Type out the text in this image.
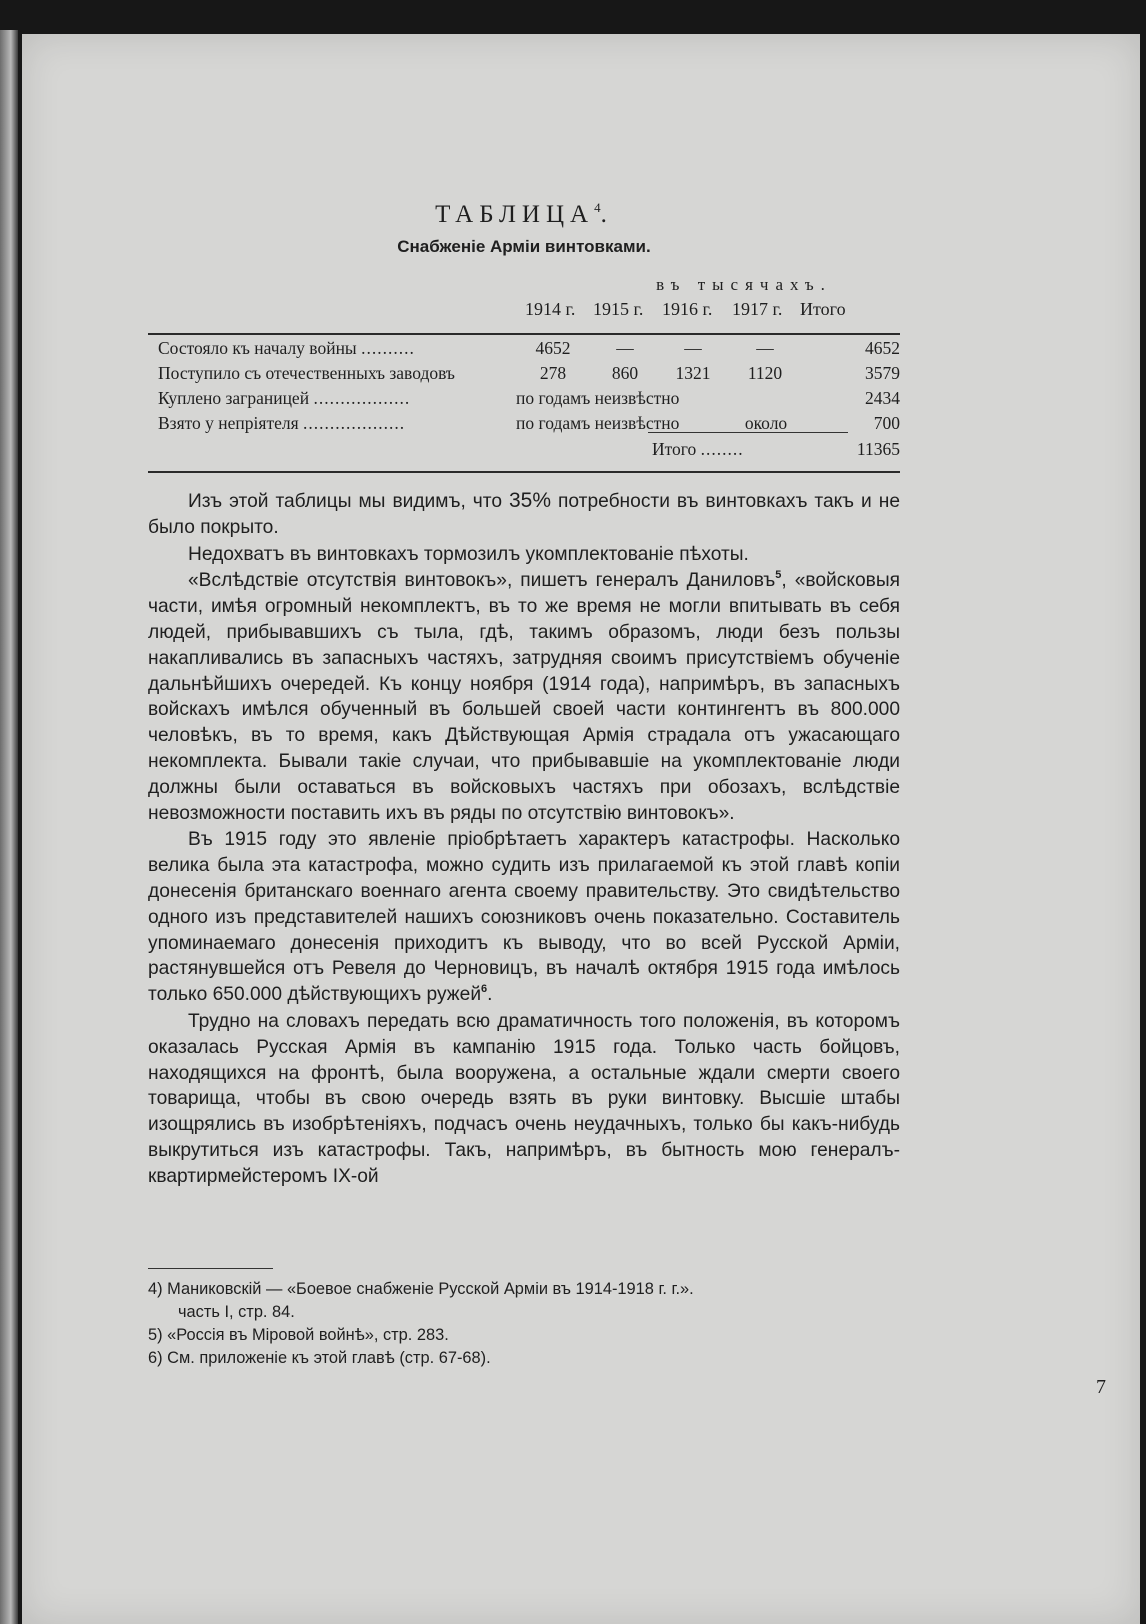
ТАБЛИЦА$^4$.
Снабженіе Арміи винтовками.
въ тысячахъ.
1914 г. 1915 г. 1916 г. 1917 г. Итого
Состояло къ началу войны ..........	4652	—	—	—	4652
Поступило съ отечественныхъ заводовъ	278	860	1321	1120	3579
Куплено заграницей ..................	по годамъ неизвѣстно	2434
Взято у непріятеля ...................	по годамъ неизвѣстно	около	700
Итого ........	11365

Изъ этой таблицы мы видимъ, что 35% потребности въ винтовкахъ такъ и не было покрыто.

Недохватъ въ винтовкахъ тормозилъ укомплектованіе пѣхоты.

«Вслѣдствіе отсутствія винтовокъ», пишетъ генералъ Даниловъ$^5$, «войсковыя части, имѣя огромный некомплектъ, въ то же время не могли впитывать въ себя людей, прибывавшихъ съ тыла, гдѣ, такимъ образомъ, люди безъ пользы накапливались въ запасныхъ частяхъ, затрудняя своимъ присутствіемъ обученіе дальнѣйшихъ очередей. Къ концу ноября (1914 года), напримѣръ, въ запасныхъ войскахъ имѣлся обученный въ большей своей части контингентъ въ 800.000 человѣкъ, въ то время, какъ Дѣйствующая Армія страдала отъ ужасающаго некомплекта. Бывали такіе случаи, что прибывавшіе на укомплектованіе люди должны были оставаться въ войсковыхъ частяхъ при обозахъ, вслѣдствіе невозможности поставить ихъ въ ряды по отсутствію винтовокъ».

Въ 1915 году это явленіе пріобрѣтаетъ характеръ катастрофы. Насколько велика была эта катастрофа, можно судить изъ прилагаемой къ этой главѣ копіи донесенія британскаго военнаго агента своему правительству. Это свидѣтельство одного изъ представителей нашихъ союзниковъ очень показательно. Составитель упоминаемаго донесенія приходитъ къ выводу, что во всей Русской Арміи, растянувшейся отъ Ревеля до Черновицъ, въ началѣ октября 1915 года имѣлось только 650.000 дѣйствующихъ ружей$^6$.

Трудно на словахъ передать всю драматичность того положенія, въ которомъ оказалась Русская Армія въ кампанію 1915 года. Только часть бойцовъ, находящихся на фронтѣ, была вооружена, а остальные ждали смерти своего товарища, чтобы въ свою очередь взять въ руки винтовку. Высшіе штабы изощрялись въ изобрѣтеніяхъ, подчасъ очень неудачныхъ, только бы какъ-нибудь выкрутиться изъ катастрофы. Такъ, напримѣръ, въ бытность мою генералъ-квартирмейстеромъ IX-ой

4) Маниковскій — «Боевое снабженіе Русской Арміи въ 1914-1918 г. г.».

часть I, стр. 84.

5) «Россія въ Міровой войнѣ», стр. 283.

6) См. приложеніе къ этой главѣ (стр. 67-68).

7
